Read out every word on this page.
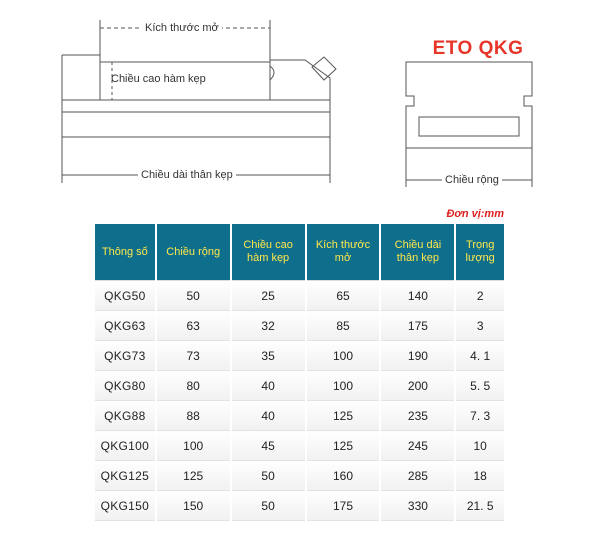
Kích thước mở
Chiều cao hàm kẹp
Chiều dài thân kẹp	Chiều rộng
ETO QKG
Đơn vị:mm
Thông số	Chiều rộng	Chiều cao hàm kẹp	Kích thước mở	Chiều dài thân kẹp	Trọng lượng
QKG50	50	25	65	140	2
QKG63	63	32	85	175	3
QKG73	73	35	100	190	4. 1
QKG80	80	40	100	200	5. 5
QKG88	88	40	125	235	7. 3
QKG100	100	45	125	245	10
QKG125	125	50	160	285	18
QKG150	150	50	175	330	21. 5
